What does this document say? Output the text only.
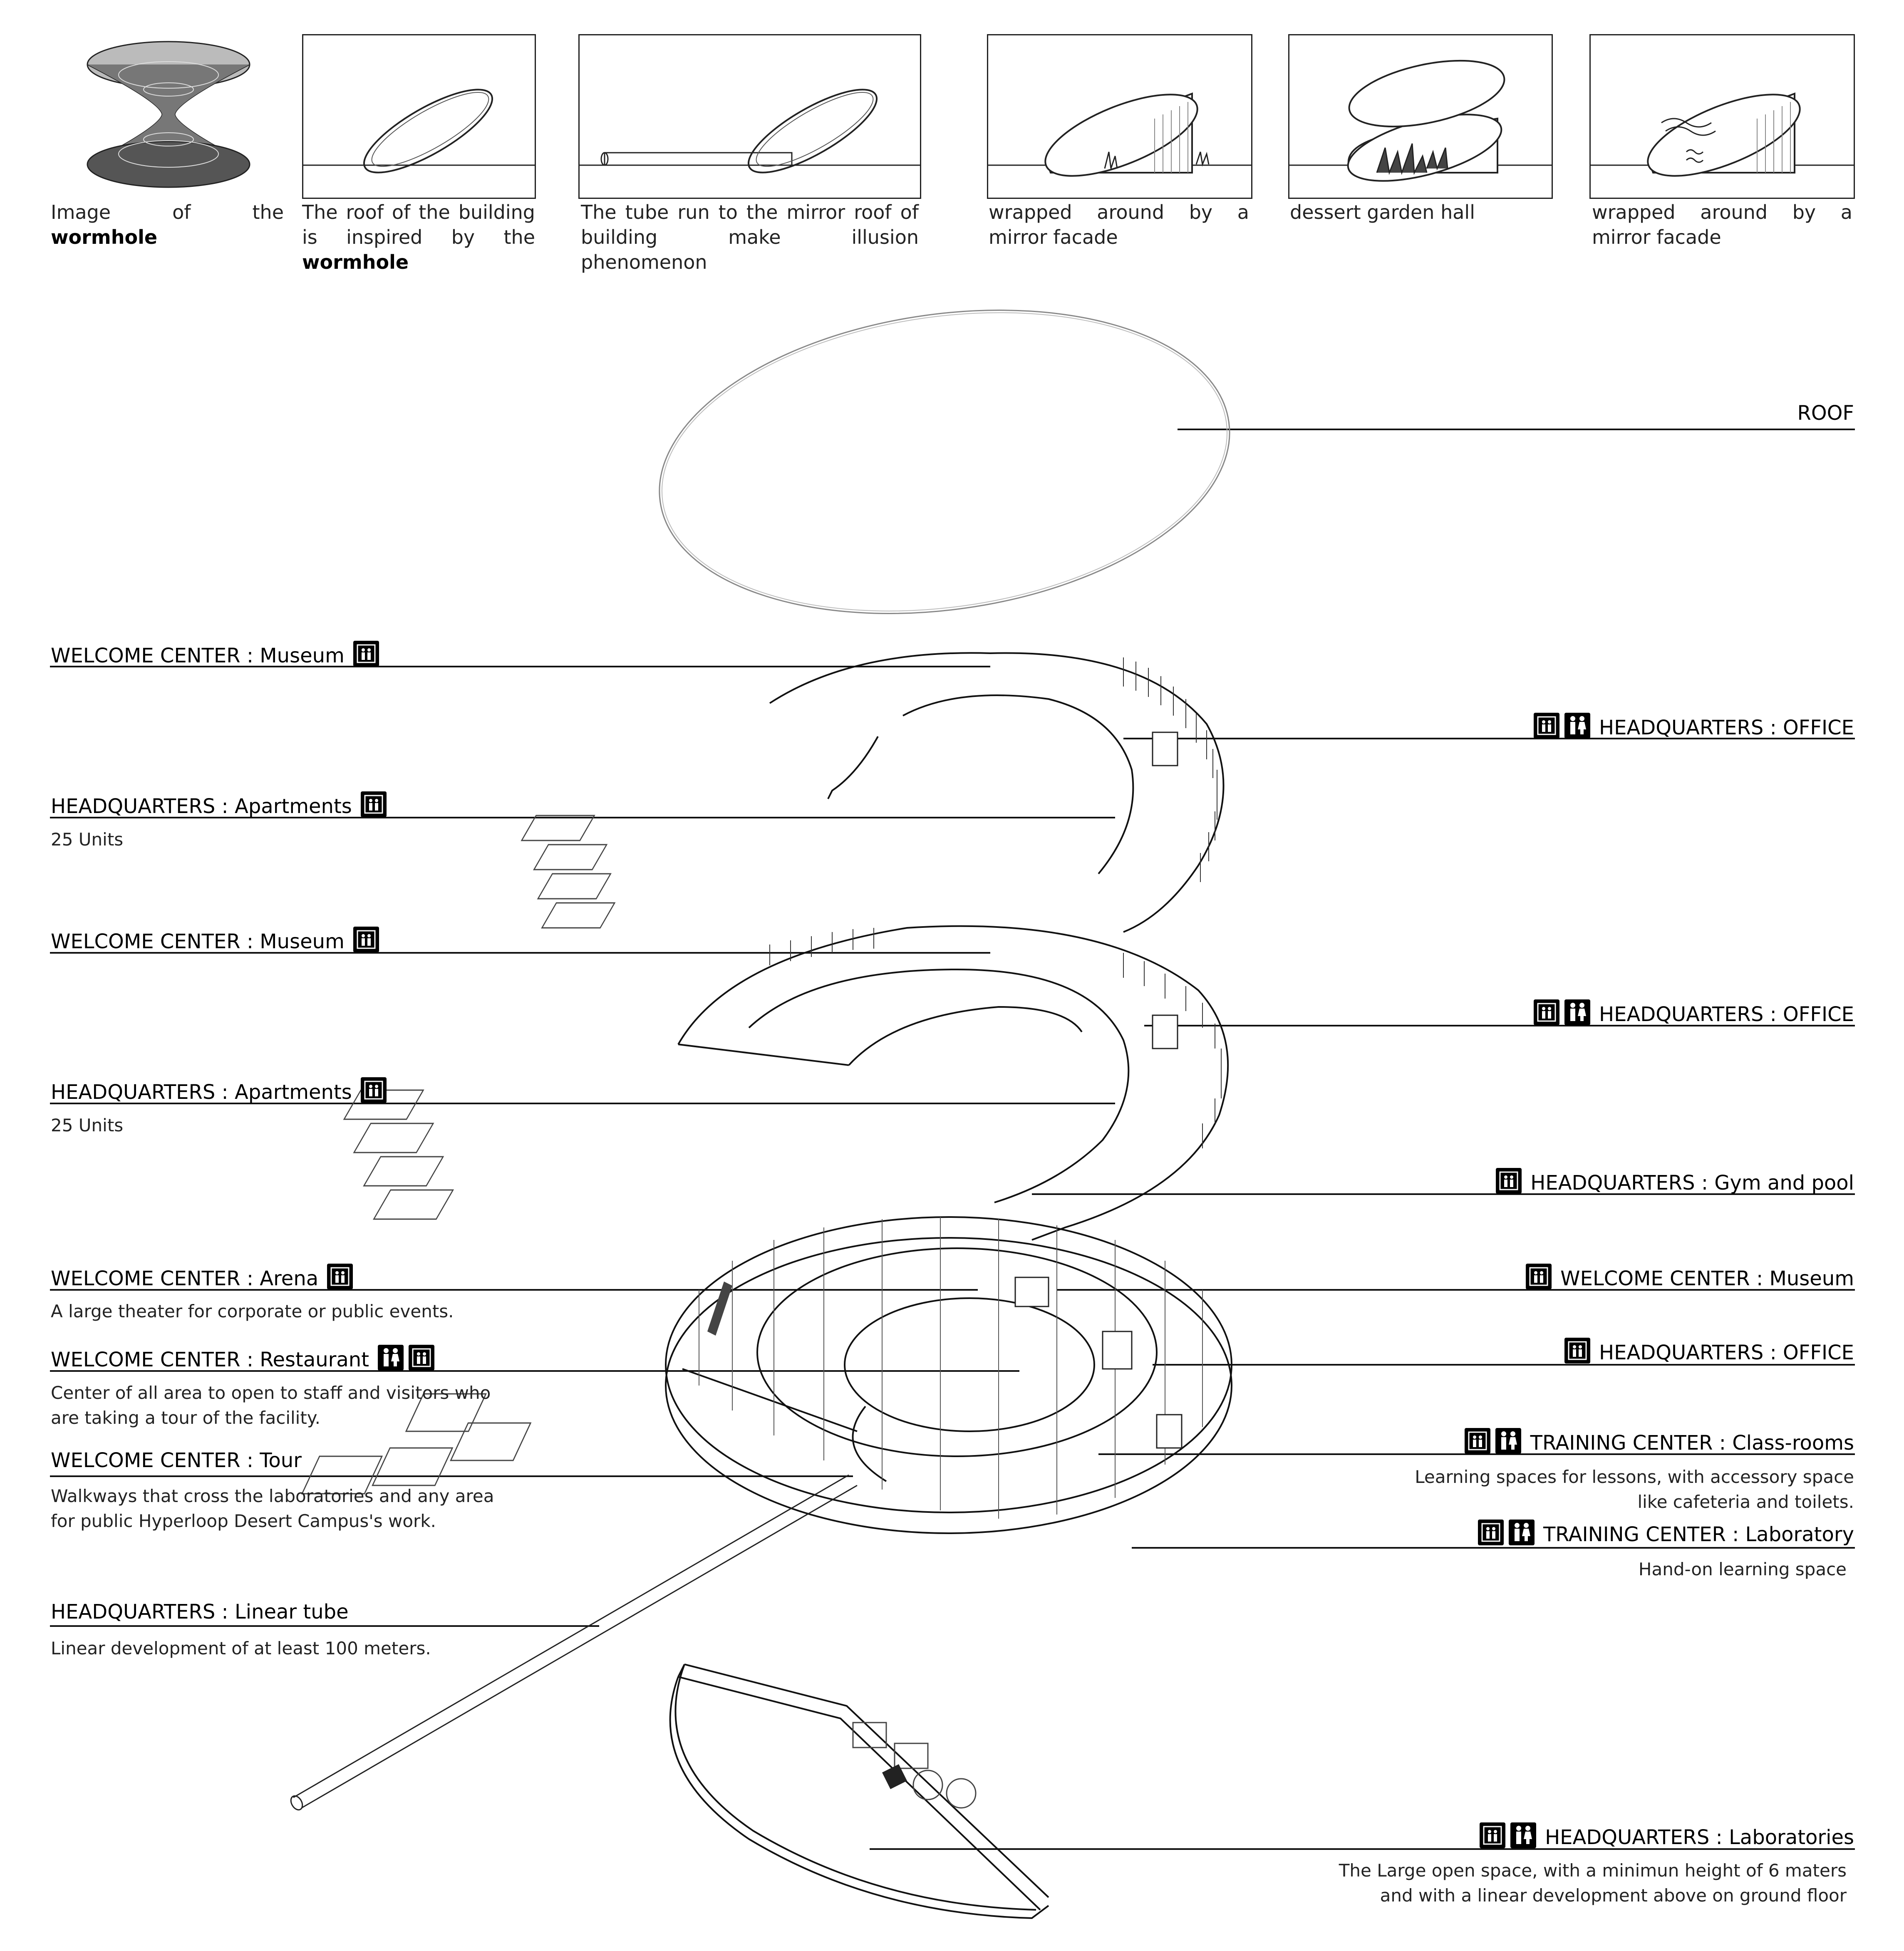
Image of the wormhole
The roof of the building is inspired by the wormhole
The tube run to the mirror roof of building make illusion phenomenon
wrapped around by a mirror facade
dessert garden hall	wrapped around by a mirror facade
ROOF
WELCOME CENTER : Museum
HEADQUARTERS : OFFICE
HEADQUARTERS : Apartments
25 Units
WELCOME CENTER : Museum
HEADQUARTERS : OFFICE
HEADQUARTERS : Apartments
25 Units
HEADQUARTERS : Gym and pool
WELCOME CENTER : Arena
A large theater for corporate or public events.
WELCOME CENTER : Museum
WELCOME CENTER : Restaurant
Center of all area to open to staff and visitors who are taking a tour of the facility.
HEADQUARTERS : OFFICE
WELCOME CENTER : Tour
Walkways that cross the laboratories and any area for public Hyperloop Desert Campus's work.
TRAINING CENTER : Class-rooms
Learning spaces for lessons, with accessory space like cafeteria and toilets.
TRAINING CENTER : Laboratory
Hand-on learning space
HEADQUARTERS : Linear tube
Linear development of at least 100 meters.
HEADQUARTERS : Laboratories
The Large open space, with a minimun height of 6 maters and with a linear development above on ground floor
